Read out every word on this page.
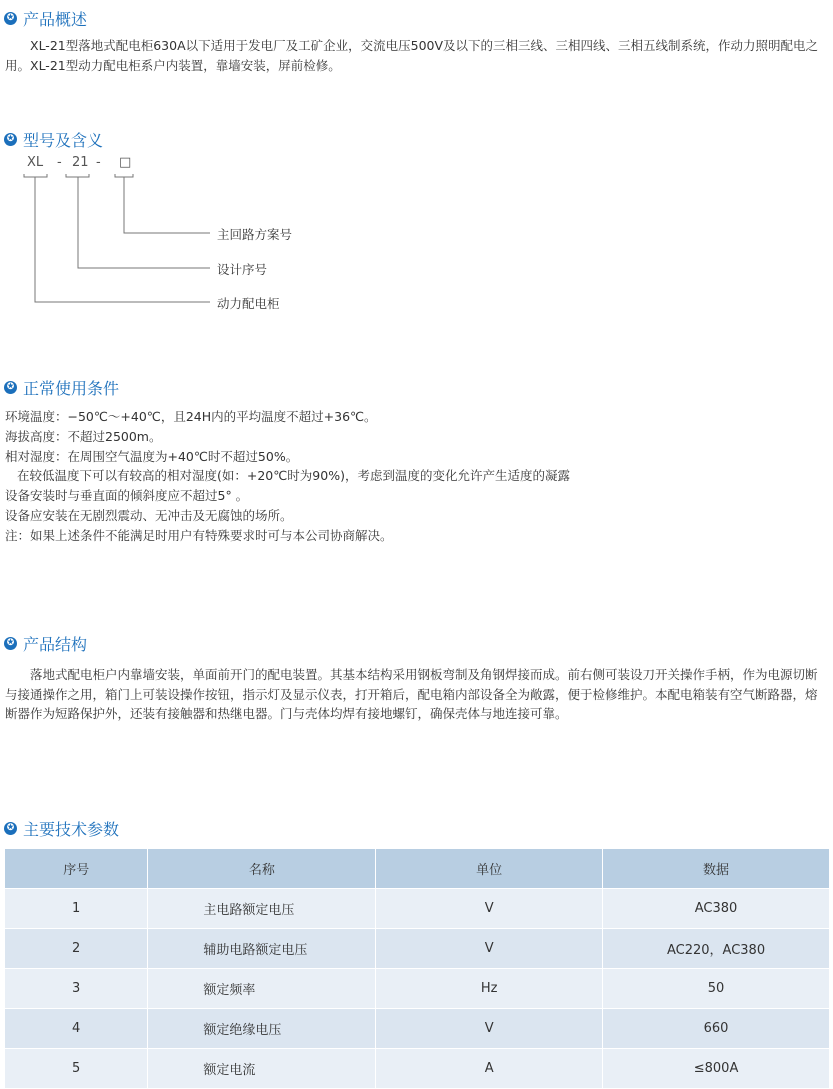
✪ 产品概述

XL-21型落地式配电柜630A以下适用于发电厂及工矿企业，交流电压500V及以下的三相三线、三相四线、三相五线制系统，作动力照明配电之用。XL-21型动力配电柜系户内装置，靠墙安装，屏前检修。

✪ 型号及含义
XL - 21 - □
主回路方案号
设计序号
动力配电柜
✪ 正常使用条件
环境温度：−50℃～+40℃，且24H内的平均温度不超过+36℃。
海拔高度：不超过2500m。
相对湿度：在周围空气温度为+40℃时不超过50%。
在较低温度下可以有较高的相对湿度(如：+20℃时为90%)，考虑到温度的变化允许产生适度的凝露
设备安装时与垂直面的倾斜度应不超过5° 。
设备应安装在无剧烈震动、无冲击及无腐蚀的场所。
注：如果上述条件不能满足时用户有特殊要求时可与本公司协商解决。
✪ 产品结构

落地式配电柜户内靠墙安装，单面前开门的配电装置。其基本结构采用钢板弯制及角钢焊接而成。前右侧可装设刀开关操作手柄，作为电源切断与接通操作之用，箱门上可装设操作按钮，指示灯及显示仪表，打开箱后，配电箱内部设备全为敞露，便于检修维护。本配电箱装有空气断路器，熔断器作为短路保护外，还装有接触器和热继电器。门与壳体均焊有接地螺钉，确保壳体与地连接可靠。

✪ 主要技术参数
序号	名称	单位	数据
1	主电路额定电压	V	AC380
2	辅助电路额定电压	V	AC220，AC380
3	额定频率	Hz	50
4	额定绝缘电压	V	660
5	额定电流	A	≤800A
